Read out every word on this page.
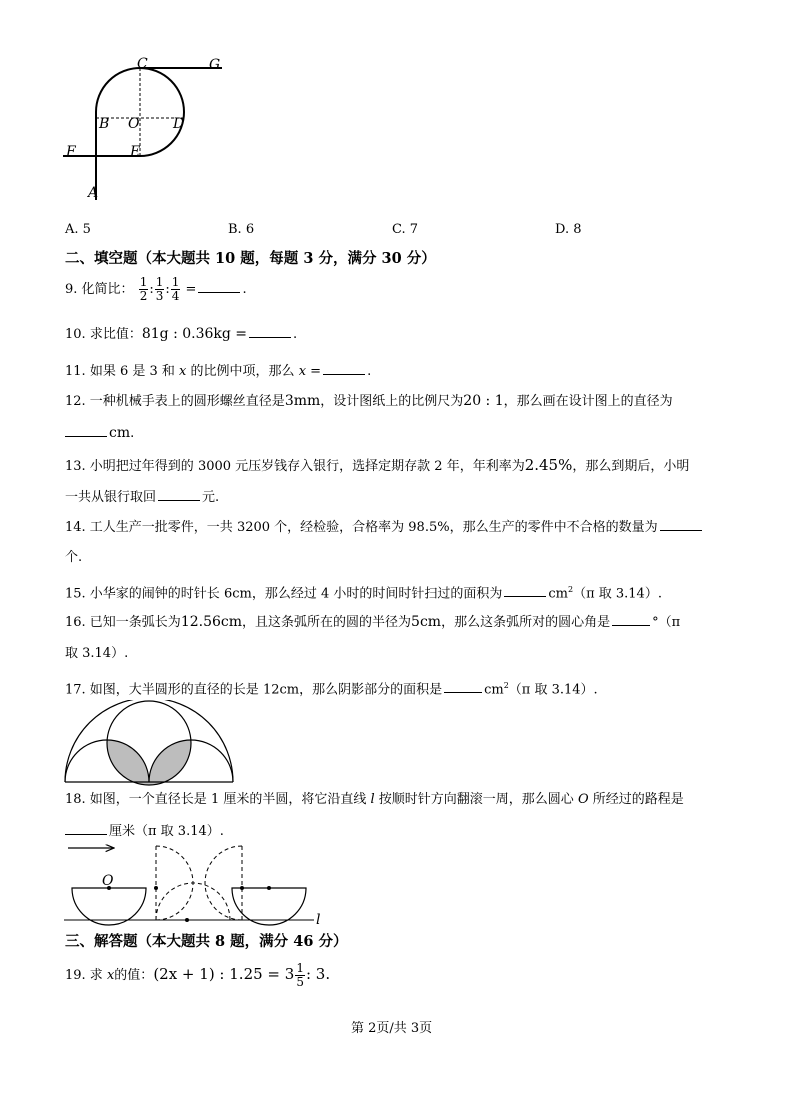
C	G
B O D
F	E
A
A. 5	B. 6	C. 7	D. 8
二、填空题（本大题共 10 题，每题 3 分，满分 30 分）
9. 化简比： $\frac{1}{2}$ : $\frac{1}{3}$ : $\frac{1}{4}$ =	.
10. 求比值：81g : 0.36kg =	.
11. 如果 6 是 3 和 x 的比例中项，那么 x =	.
12. 一种机械手表上的圆形螺丝直径是3mm，设计图纸上的比例尺为20 : 1，那么画在设计图上的直径为
cm.
13. 小明把过年得到的 3000 元压岁钱存入银行，选择定期存款 2 年，年利率为2.45%，那么到期后，小明
一共从银行取回	元.
14. 工人生产一批零件，一共 3200 个，经检验，合格率为 98.5%，那么生产的零件中不合格的数量为
个.
15. 小华家的闹钟的时针长 6cm，那么经过 4 小时的时间时针扫过的面积为	$cm^2(\pi$ 取 3.14）.
16. 已知一条弧长为12.56cm，且这条弧所在的圆的半径为5cm，那么这条弧所对的圆心角是	°（π
取 3.14）.
17. 如图，大半圆形的直径的长是 12cm，那么阴影部分的面积是	$cm^2(\pi$ 取 3.14）.
18. 如图，一个直径长是 1 厘米的半圆，将它沿直线 l 按顺时针方向翻滚一周，那么圆心 O 所经过的路程是
厘米（π 取 3.14）.
O
l
三、解答题（本大题共 8 题，满分 46 分）
19. 求 x的值：(2x + 1) : $1.25 = 3 \frac{1}{5}$ : 3.
第 2页/共 3页
